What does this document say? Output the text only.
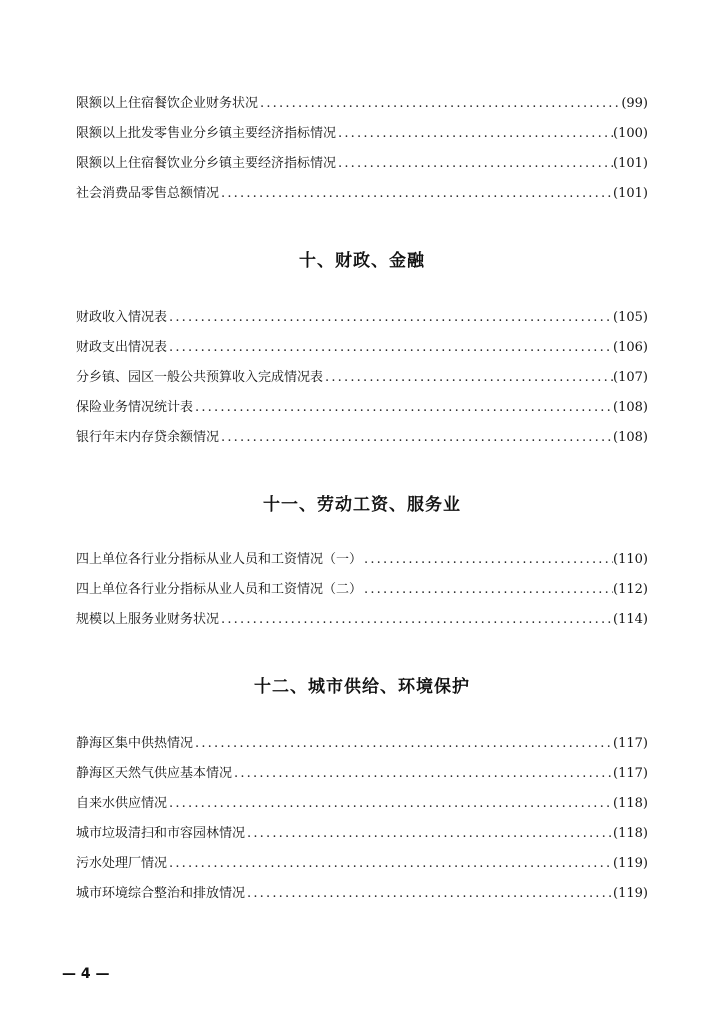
限额以上住宿餐饮企业财务状况 .....	(99)
限额以上批发零售业分乡镇主要经济指标情况 .....	(100)
限额以上住宿餐饮业分乡镇主要经济指标情况 .....	(101)
社会消费品零售总额情况 .....	(101)
十、财政、金融
财政收入情况表 .....	(105)
财政支出情况表 .....	(106)
分乡镇、园区一般公共预算收入完成情况表 .....	(107)
保险业务情况统计表 .....	(108)
银行年末内存贷余额情况 .....	(108)
十一、劳动工资、服务业
四上单位各行业分指标从业人员和工资情况（一） .....	(110)
四上单位各行业分指标从业人员和工资情况（二） .....	(112)
规模以上服务业财务状况 .....	(114)
十二、城市供给、环境保护
静海区集中供热情况 .....	(117)
静海区天然气供应基本情况 .....	(117)
自来水供应情况 .....	(118)
城市垃圾清扫和市容园林情况 .....	(118)
污水处理厂情况 .....	(119)
城市环境综合整治和排放情况 .....	(119)
— 4 —
